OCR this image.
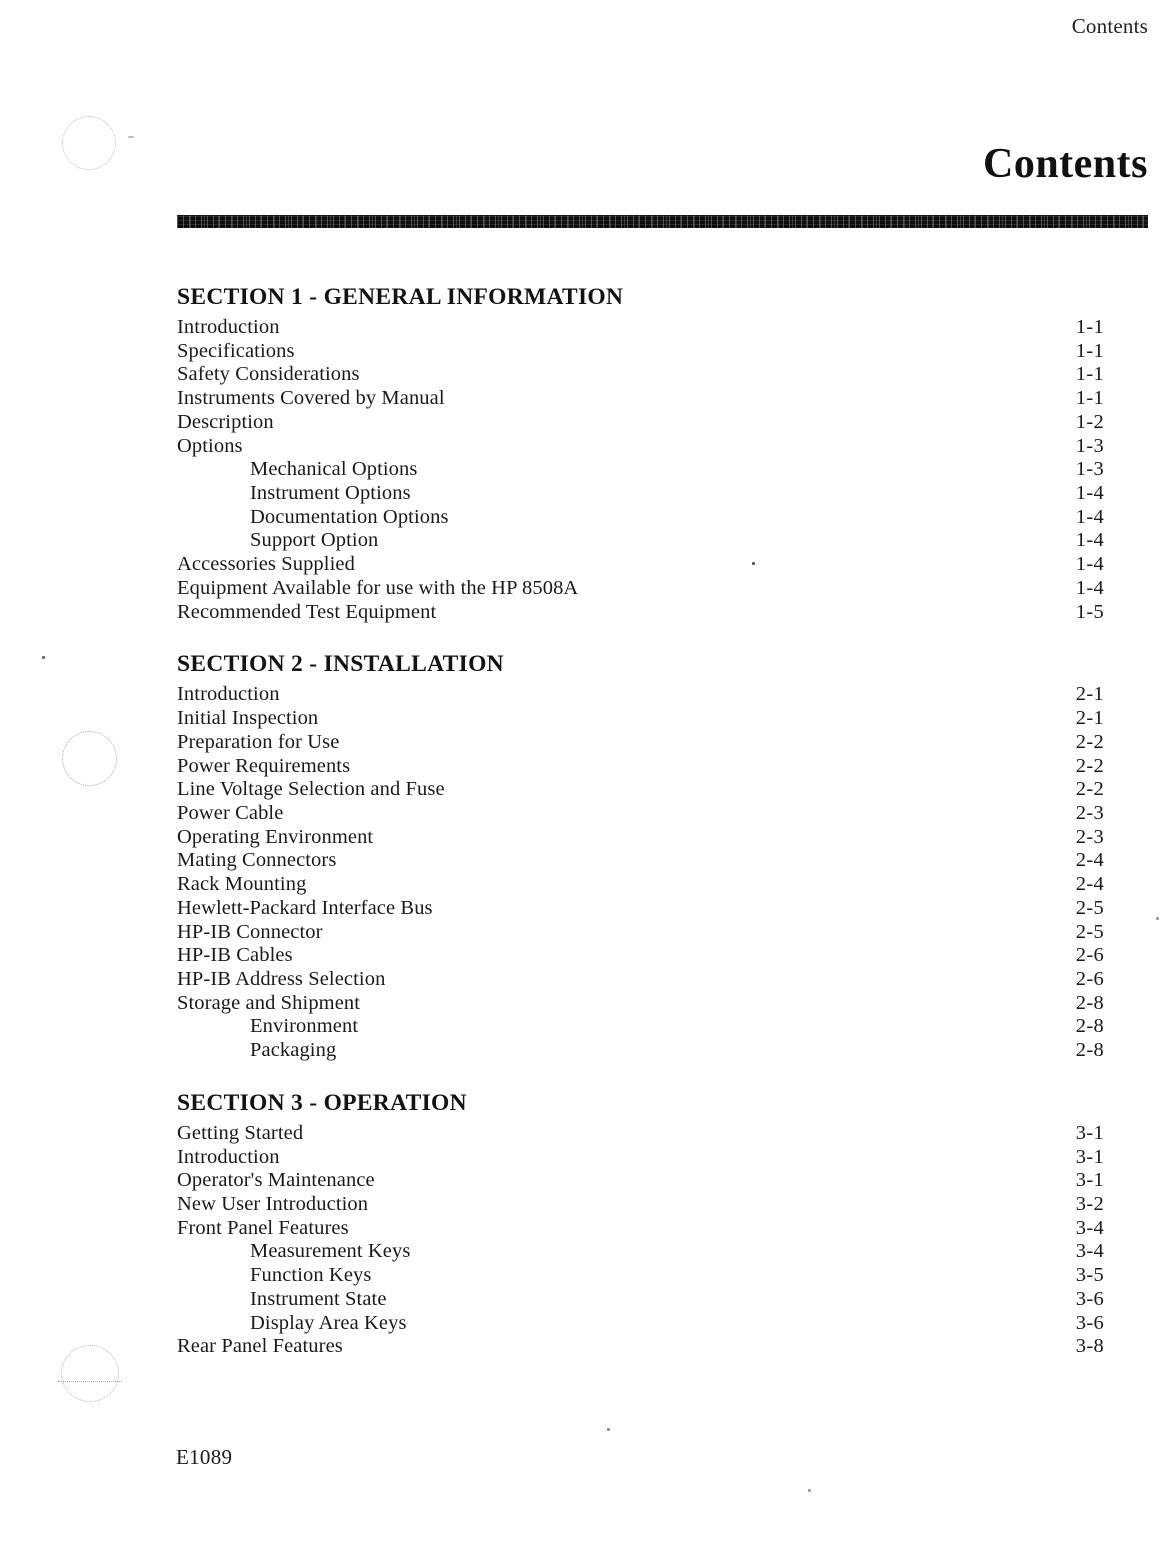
Contents
Contents
SECTION 1 - GENERAL INFORMATION
Introduction	1-1
Specifications	1-1
Safety Considerations	1-1
Instruments Covered by Manual	1-1
Description	1-2
Options	1-3
Mechanical Options	1-3
Instrument Options	1-4
Documentation Options	1-4
Support Option	1-4
Accessories Supplied	1-4
Equipment Available for use with the HP 8508A	1-4
Recommended Test Equipment	1-5
SECTION 2 - INSTALLATION
Introduction	2-1
Initial Inspection	2-1
Preparation for Use	2-2
Power Requirements	2-2
Line Voltage Selection and Fuse	2-2
Power Cable	2-3
Operating Environment	2-3
Mating Connectors	2-4
Rack Mounting	2-4
Hewlett-Packard Interface Bus	2-5
HP-IB Connector	2-5
HP-IB Cables	2-6
HP-IB Address Selection	2-6
Storage and Shipment	2-8
Environment	2-8
Packaging	2-8
SECTION 3 - OPERATION
Getting Started	3-1
Introduction	3-1
Operator's Maintenance	3-1
New User Introduction	3-2
Front Panel Features	3-4
Measurement Keys	3-4
Function Keys	3-5
Instrument State	3-6
Display Area Keys	3-6
Rear Panel Features	3-8
E1089
